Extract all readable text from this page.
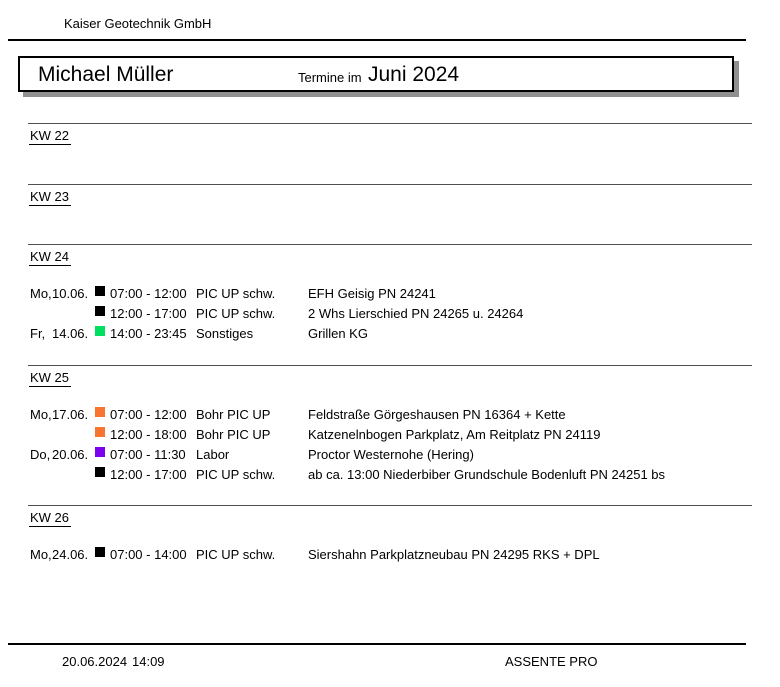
Kaiser Geotechnik GmbH
Michael Müller	Termine im Juni 2024
KW 22
KW 23
KW 24
Mo, 10.06. 07:00 - 12:00 PIC UP schw.	EFH Geisig PN 24241
12:00 - 17:00 PIC UP schw.	2 Whs Lierschied PN 24265 u. 24264
Fr, 14.06. 14:00 - 23:45 Sonstiges	Grillen KG
KW 25
Mo, 17.06. 07:00 - 12:00 Bohr PIC UP	Feldstraße Görgeshausen PN 16364 + Kette
12:00 - 18:00 Bohr PIC UP	Katzenelnbogen Parkplatz, Am Reitplatz PN 24119
Do, 20.06. 07:00 - 11:30 Labor	Proctor Westernohe (Hering)
12:00 - 17:00 PIC UP schw.	ab ca. 13:00 Niederbiber Grundschule Bodenluft PN 24251 bs
KW 26
Mo, 24.06. 07:00 - 14:00 PIC UP schw.	Siershahn Parkplatzneubau PN 24295 RKS + DPL
20.06.2024 14:09	ASSENTE PRO
